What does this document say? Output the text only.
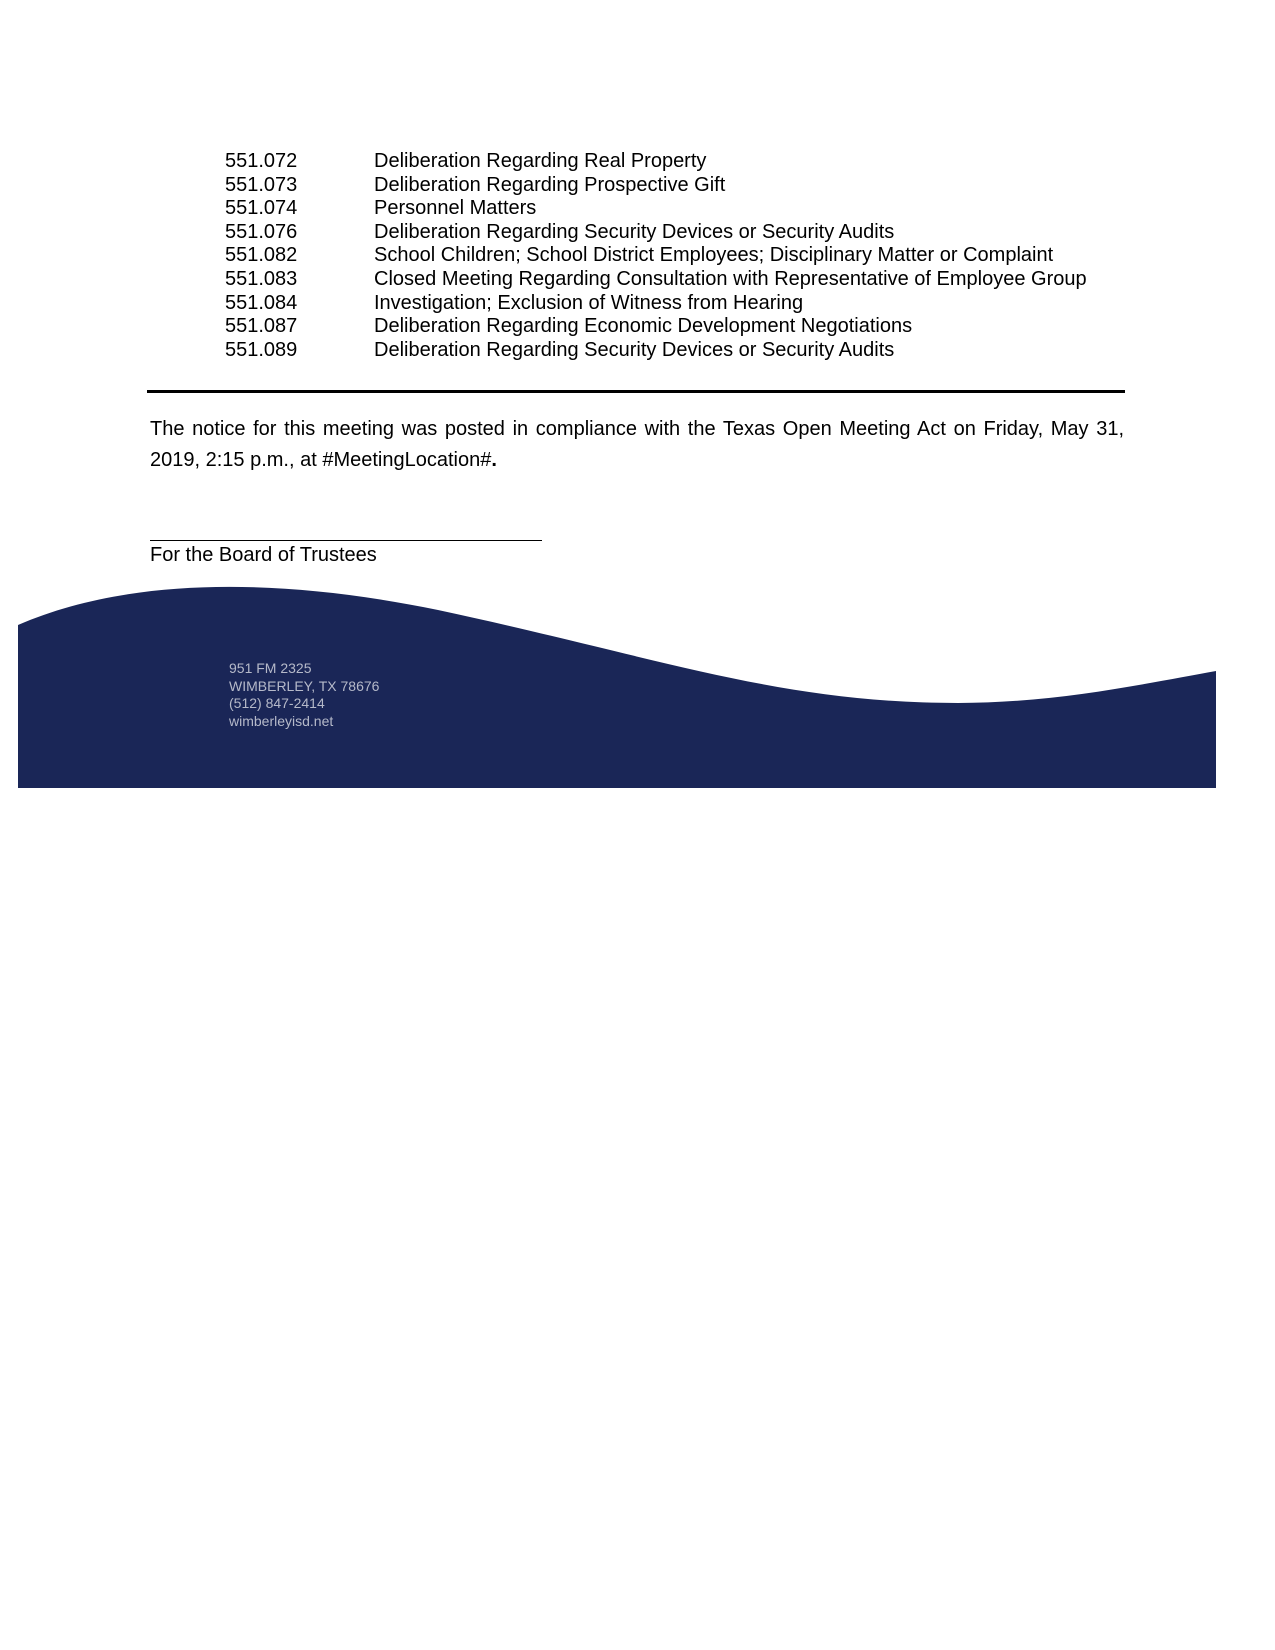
551.072	Deliberation Regarding Real Property
551.073	Deliberation Regarding Prospective Gift
551.074	Personnel Matters
551.076	Deliberation Regarding Security Devices or Security Audits
551.082	School Children; School District Employees; Disciplinary Matter or Complaint
551.083	Closed Meeting Regarding Consultation with Representative of Employee Group
551.084	Investigation; Exclusion of Witness from Hearing
551.087	Deliberation Regarding Economic Development Negotiations
551.089	Deliberation Regarding Security Devices or Security Audits

The notice for this meeting was posted in compliance with the Texas Open Meeting Act on Friday, May 31, 2019, 2:15 p.m., at #MeetingLocation#.

For the Board of Trustees
951 FM 2325
WIMBERLEY, TX 78676
(512) 847-2414
wimberleyisd.net
